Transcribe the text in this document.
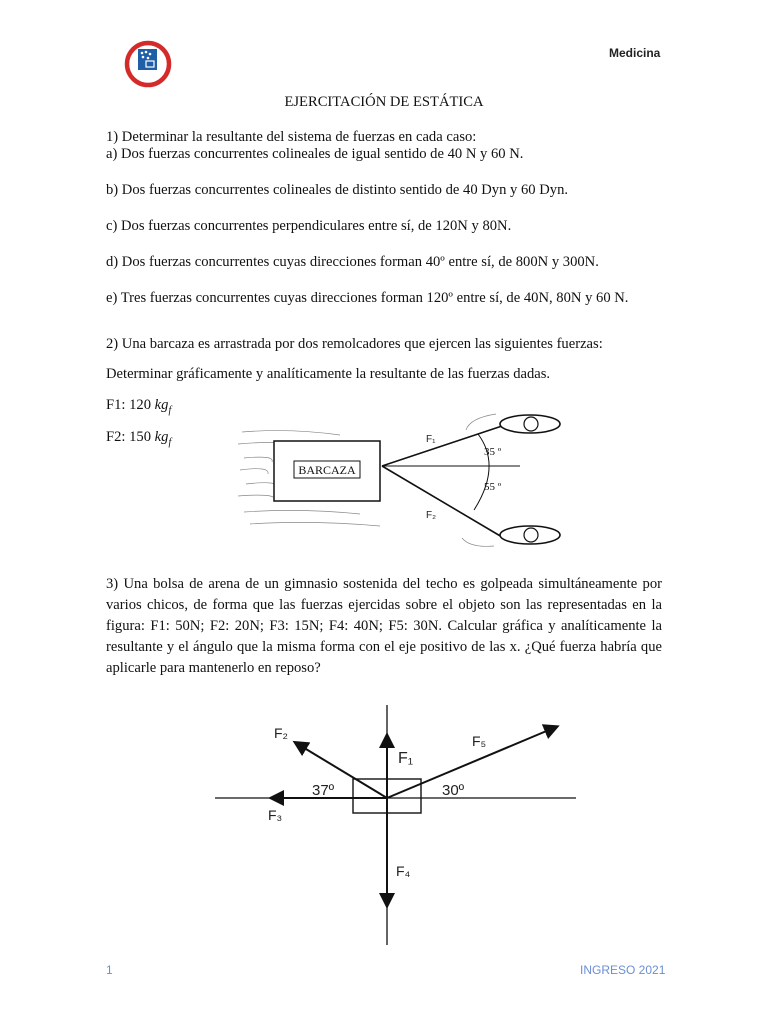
Medicina
EJERCITACIÓN DE ESTÁTICA
1) Determinar la resultante del sistema de fuerzas en cada caso:
a) Dos fuerzas concurrentes colineales de igual sentido de 40 N y 60 N.
b) Dos fuerzas concurrentes colineales de distinto sentido de 40 Dyn y 60 Dyn.
c) Dos fuerzas concurrentes perpendiculares entre sí, de 120N y 80N.
d) Dos fuerzas concurrentes cuyas direcciones forman 40º entre sí, de 800N y 300N.
e) Tres fuerzas concurrentes cuyas direcciones forman 120º entre sí, de 40N, 80N y 60 N.
2) Una barcaza es arrastrada por dos remolcadores que ejercen las siguientes fuerzas:
Determinar gráficamente y analíticamente la resultante de las fuerzas dadas.
F1: 120 $kg_f$
F2: 150 $kg_f$
BARCAZA
F₁
F₂
35 º
55 º
3) Una bolsa de arena de un gimnasio sostenida del techo es golpeada simultáneamente por varios chicos, de forma que las fuerzas ejercidas sobre el objeto son las representadas en la figura: F1: 50N; F2: 20N; F3: 15N; F4: 40N; F5: 30N. Calcular gráfica y analíticamente la resultante y el ángulo que la misma forma con el eje positivo de las x. ¿Qué fuerza habría que aplicarle para mantenerlo en reposo?
F₁
F₂
F₃
F₄
F₅
37º	30º
1	INGRESO 2021
